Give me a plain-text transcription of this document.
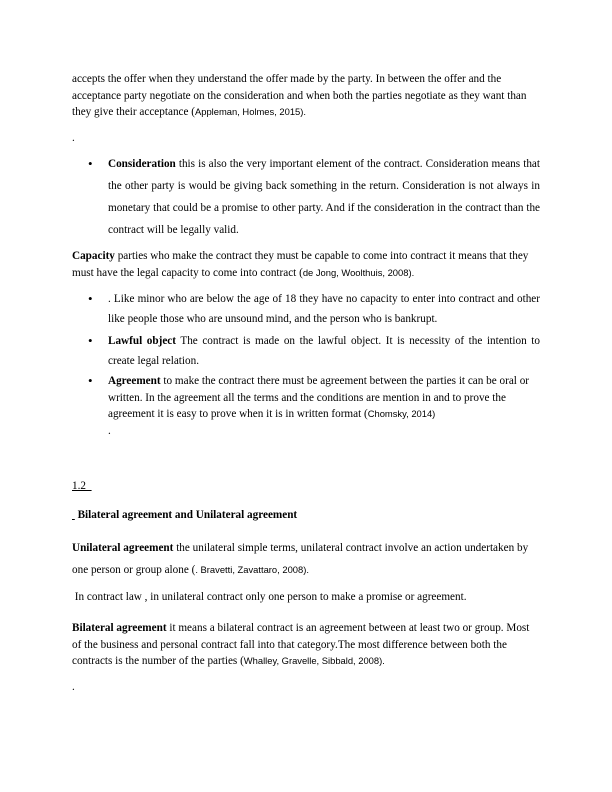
accepts the offer when they understand the offer made by the party. In between the offer and the acceptance party negotiate on the consideration and when both the parties negotiate as they want than they give their acceptance (Appleman, Holmes, 2015).
.
• Consideration this is also the very important element of the contract. Consideration means that the other party is would be giving back something in the return. Consideration is not always in monetary that could be a promise to other party. And if the consideration in the contract than the contract will be legally valid.
Capacity parties who make the contract they must be capable to come into contract it means that they must have the legal capacity to come into contract (de Jong, Woolthuis, 2008).
• . Like minor who are below the age of 18 they have no capacity to enter into contract and other like people those who are unsound mind, and the person who is bankrupt.
• Lawful object The contract is made on the lawful object. It is necessity of the intention to create legal relation.
• Agreement to make the contract there must be agreement between the parties it can be oral or written. In the agreement all the terms and the conditions are mention in and to prove the agreement it is easy to prove when it is in written format (Chomsky, 2014)
.
1.2
Bilateral agreement and Unilateral agreement
Unilateral agreement the unilateral simple terms, unilateral contract involve an action undertaken by one person or group alone (. Bravetti, Zavattaro, 2008).
In contract law , in unilateral contract only one person to make a promise or agreement.
Bilateral agreement it means a bilateral contract is an agreement between at least two or group. Most of the business and personal contract fall into that category.The most difference between both the contracts is the number of the parties (Whalley, Gravelle, Sibbald, 2008).
.
